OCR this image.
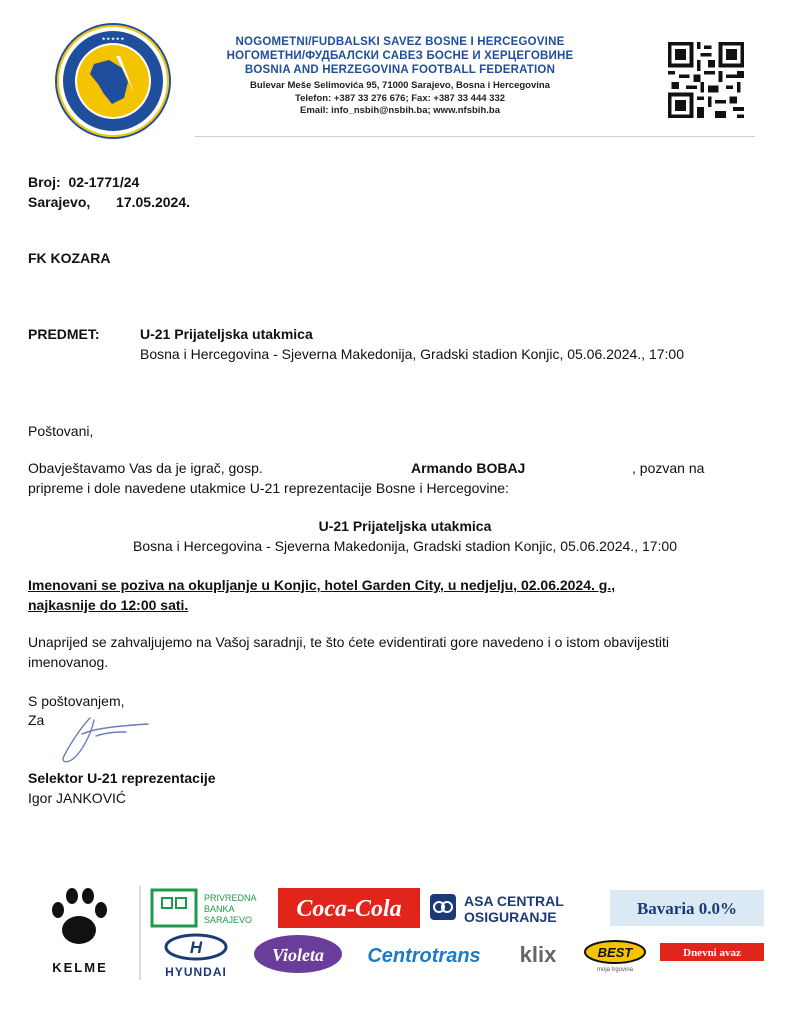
★ ★ ★ ★ ★	NOGOMETNI/FUDBALSKI SAVEZ BOSNE I HERCEGOVINE
НОГОМЕТНИ/ФУДБАЛСКИ САВЕЗ БОСНЕ И ХЕРЦЕГОВИНЕ
BOSNIA AND HERZEGOVINA FOOTBALL FEDERATION
Bulevar Meše Selimovića 95, 71000 Sarajevo, Bosna i Hercegovina
Telefon: +387 33 276 676; Fax: +387 33 444 332
Email: info_nsbih@nsbih.ba; www.nfsbih.ba
Broj: 02-1771/24
Sarajevo, 17.05.2024.
FK KOZARA
PREDMET:	U-21 Prijateljska utakmica
Bosna i Hercegovina - Sjeverna Makedonija, Gradski stadion Konjic, 05.06.2024., 17:00
Poštovani,
Obavještavamo Vas da je igrač, gosp.	Armando BOBAJ	, pozvan na
pripreme i dole navedene utakmice U-21 reprezentacije Bosne i Hercegovine:
U-21 Prijateljska utakmica
Bosna i Hercegovina - Sjeverna Makedonija, Gradski stadion Konjic, 05.06.2024., 17:00
Imenovani se poziva na okupljanje u Konjic, hotel Garden City, u nedjelju, 02.06.2024. g.,
najkasnije do 12:00 sati.
Unaprijed se zahvaljujemo na Vašoj saradnji, te što ćete evidentirati gore navedeno i o istom obavijestiti
imenovanog.
S poštovanjem,
Za
Selektor U-21 reprezentacije
Igor JANKOVIĆ
KELME
PRIVREDNA
BANKA
SARAJEVO Coca-Cola	ASA CENTRAL
OSIGURANJE	Bavaria 0.0%
H
HYUNDAI
Violeta Centrotrans klix	BEST
moja trgovina
Dnevni avaz
